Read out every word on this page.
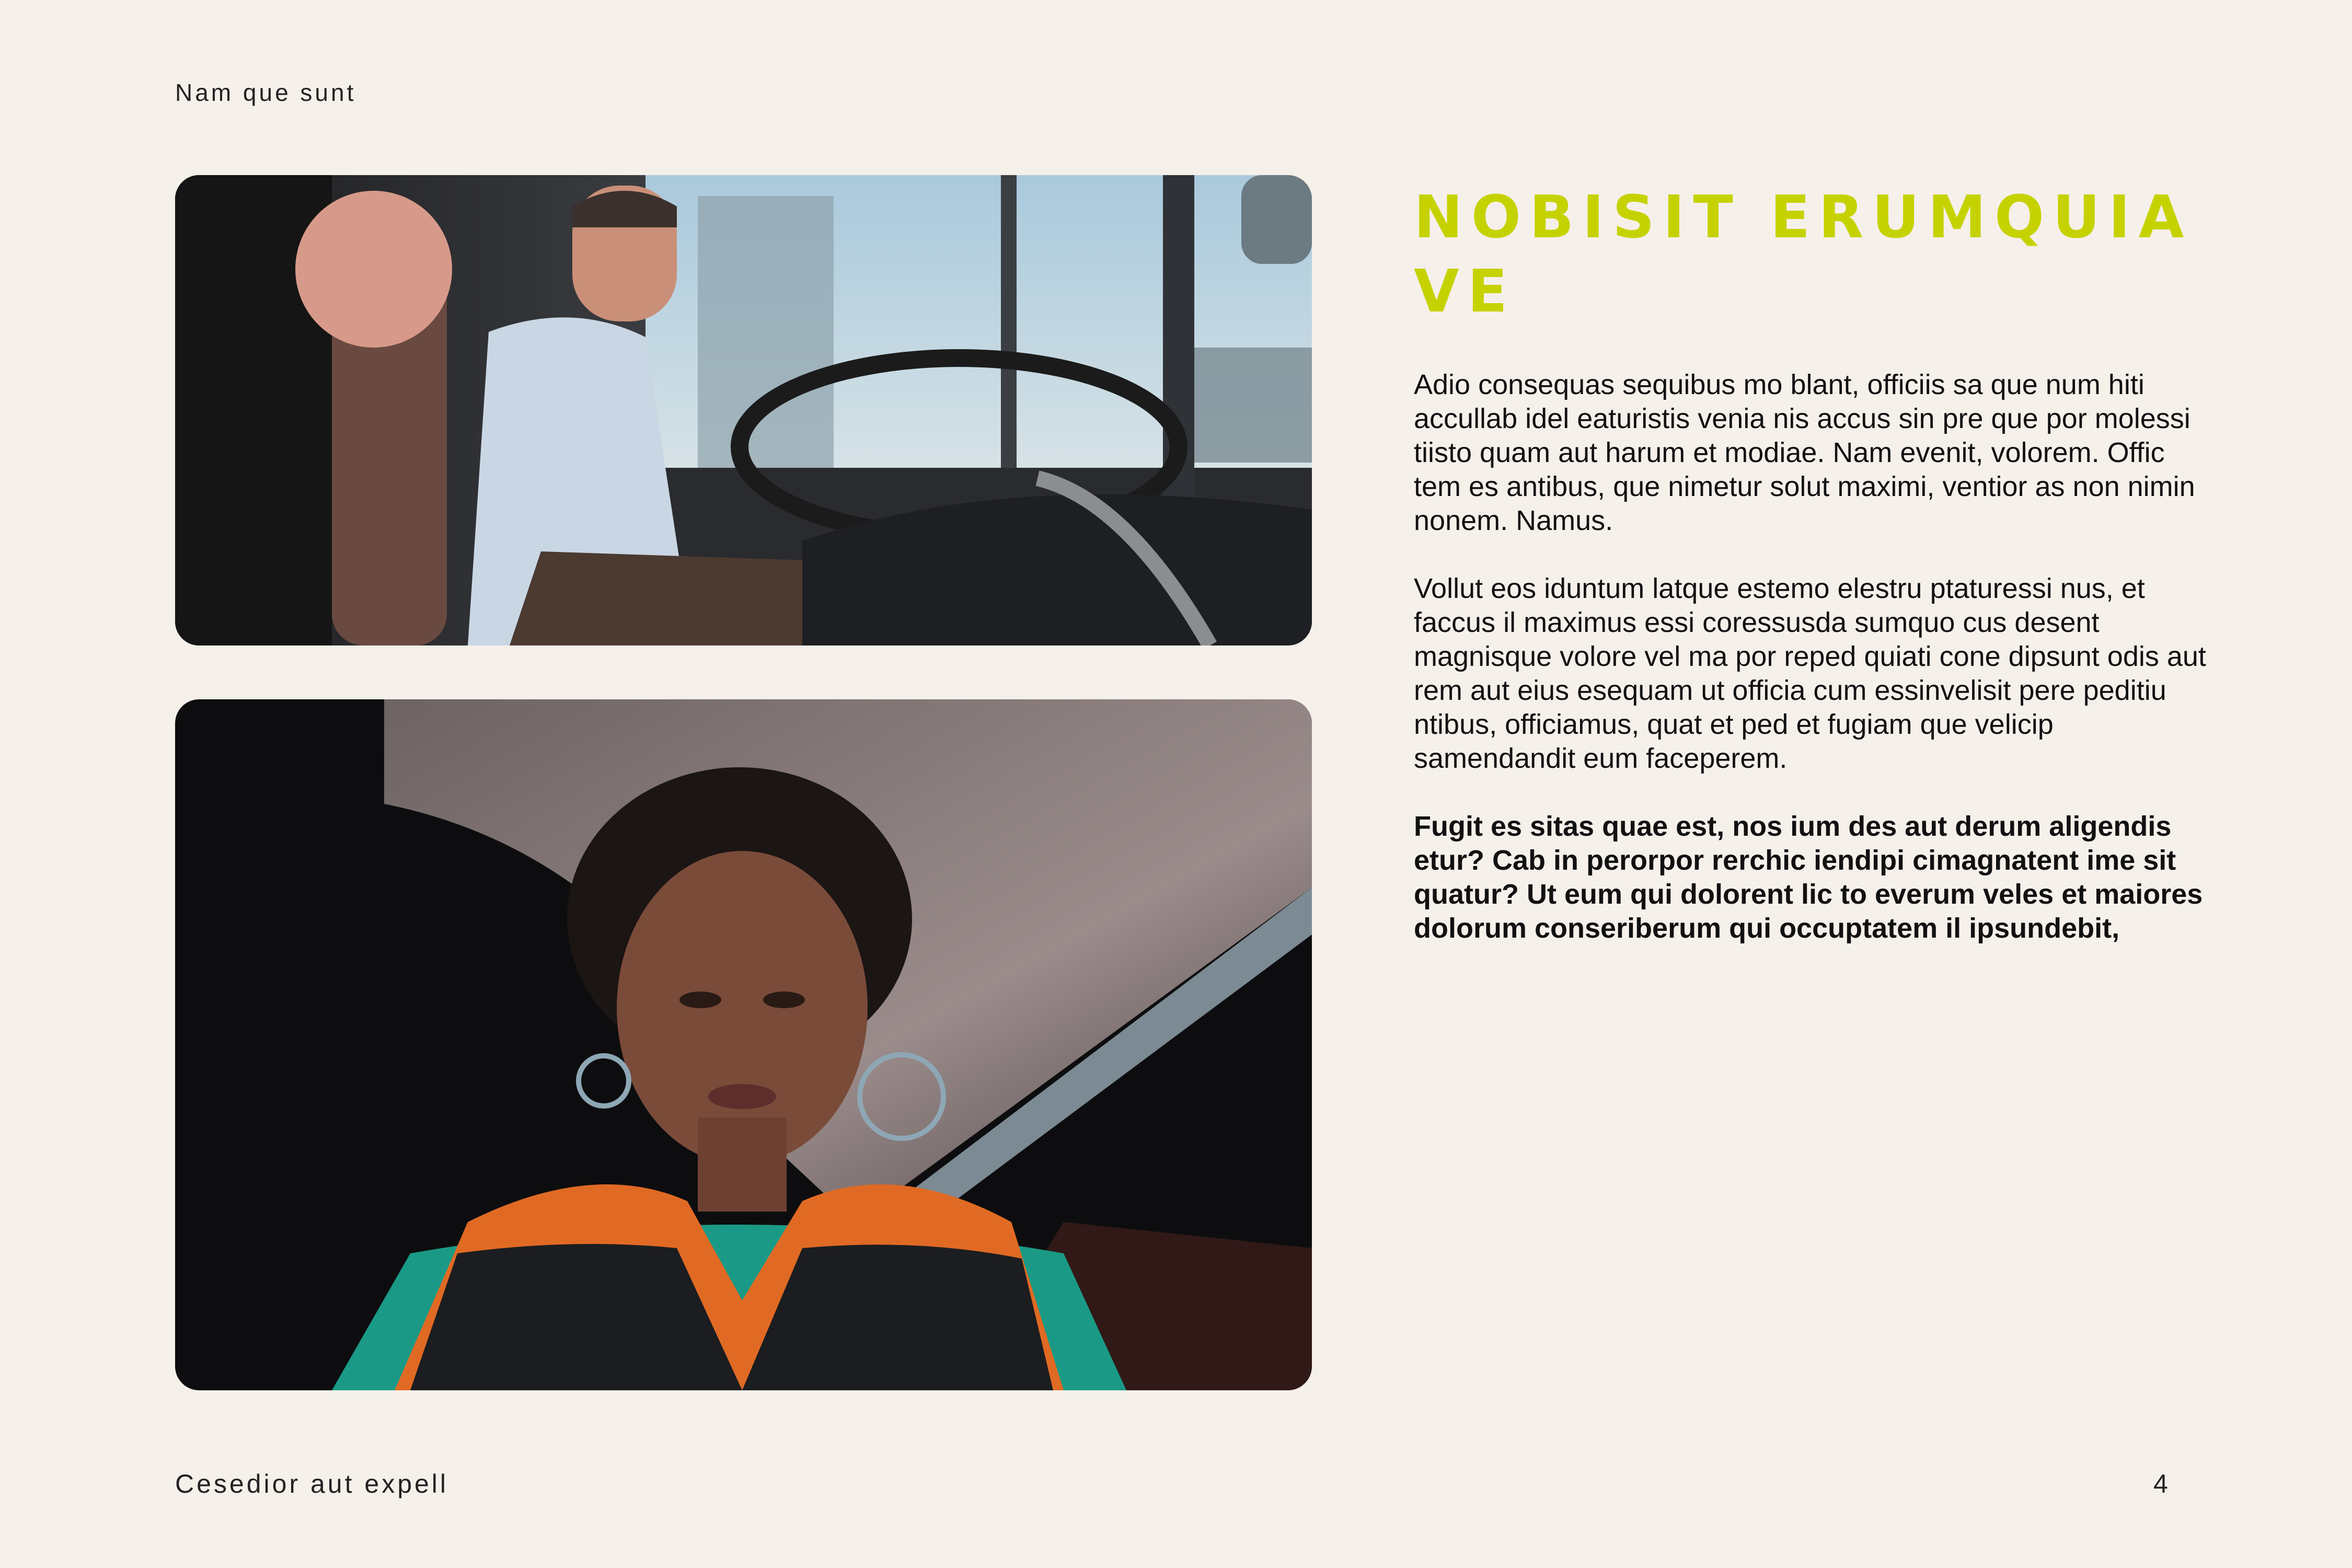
Nam que sunt
NOBISIT ERUMQUIA VE

Adio consequas sequibus mo blant, officiis sa que num hiti accullab idel eaturistis venia nis accus sin pre que por molessi tiisto quam aut harum et modiae. Nam evenit, volorem. Offic tem es antibus, que nimetur solut maximi, ventior as non nimin nonem. Namus.

Vollut eos iduntum latque estemo elestru ptaturessi nus, et faccus il maximus essi coressusda sumquo cus desent magnisque volore vel ma por reped quiati cone dipsunt odis aut rem aut eius esequam ut officia cum essinvelisit pere peditiu ntibus, officiamus, quat et ped et fugiam que velicip samendandit eum faceperem.

Fugit es sitas quae est, nos ium des aut derum aligendis etur? Cab in perorpor rerchic iendipi cimagnatent ime sit quatur? Ut eum qui dolorent lic to everum veles et maiores dolorum conseriberum qui occuptatem il ipsundebit,

Cesedior aut expell	4
